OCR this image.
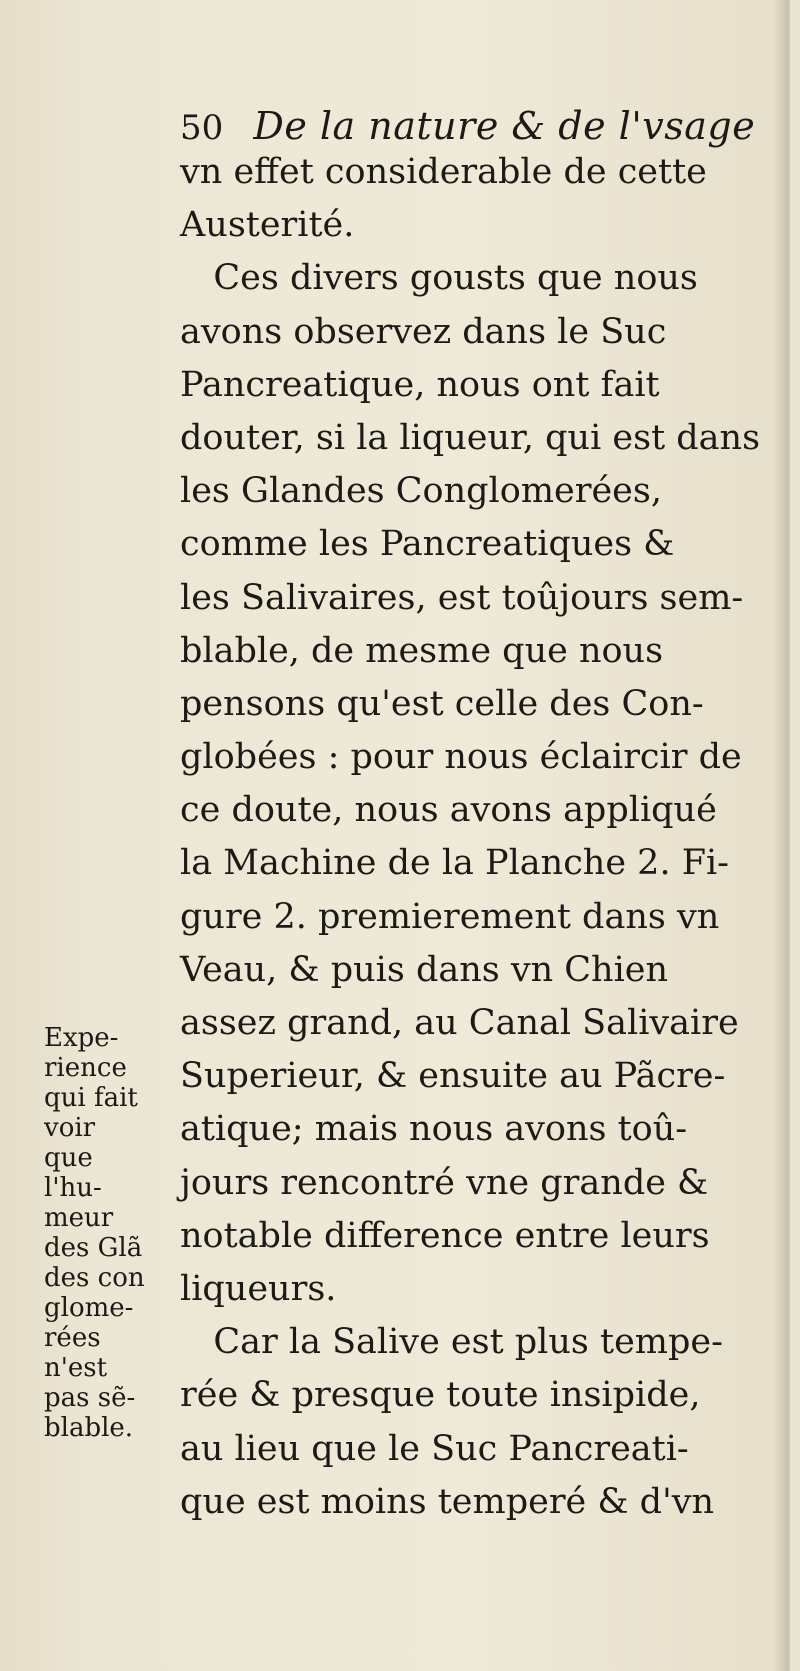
50 De la nature & de l'vsage
vn effet considerable de cette
Austerité.
Ces divers gousts que nous
avons observez dans le Suc
Pancreatique, nous ont fait
douter, si la liqueur, qui est dans
les Glandes Conglomerées,
comme les Pancreatiques &
les Salivaires, est toûjours sem-
blable, de mesme que nous
pensons qu'est celle des Con-
globées : pour nous éclaircir de
ce doute, nous avons appliqué
la Machine de la Planche 2. Fi-
gure 2. premierement dans vn
Veau, & puis dans vn Chien
assez grand, au Canal Salivaire
Superieur, & ensuite au Pãcre-
atique; mais nous avons toû-
jours rencontré vne grande &
notable difference entre leurs
liqueurs.
Car la Salive est plus tempe-
rée & presque toute insipide,
au lieu que le Suc Pancreati-
que est moins temperé & d'vn
Expe-
rience
qui fait
voir
que
l'hu-
meur
des Glã
des con
glome-
rées
n'est
pas sẽ-
blable.
